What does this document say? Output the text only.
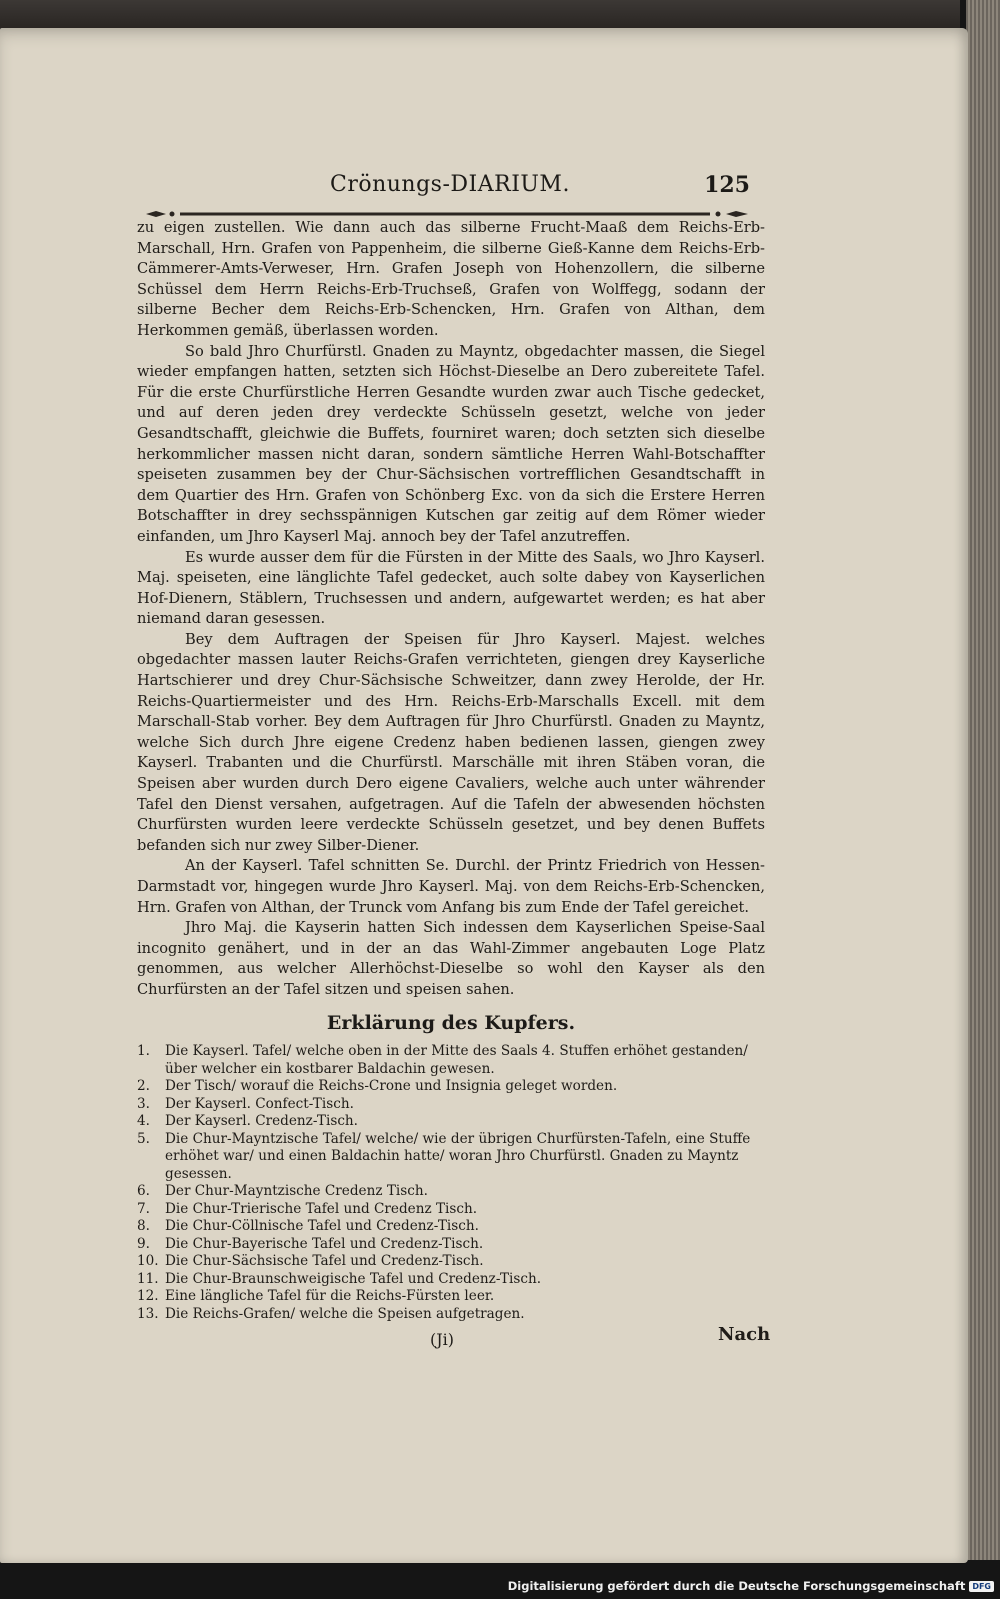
Crönungs-DIARIUM.	125

zu eigen zustellen. Wie dann auch das silberne Frucht-Maaß dem Reichs-Erb-Marschall, Hrn. Grafen von Pappenheim, die silberne Gieß-Kanne dem Reichs-Erb-Cämmerer-Amts-Verweser, Hrn. Grafen Joseph von Hohenzollern, die silberne Schüssel dem Herrn Reichs-Erb-Truchseß, Grafen von Wolffegg, sodann der silberne Becher dem Reichs-Erb-Schencken, Hrn. Grafen von Althan, dem Herkommen gemäß, überlassen worden.

So bald Jhro Churfürstl. Gnaden zu Mayntz, obgedachter massen, die Siegel wieder empfangen hatten, setzten sich Höchst-Dieselbe an Dero zubereitete Tafel. Für die erste Churfürstliche Herren Gesandte wurden zwar auch Tische gedecket, und auf deren jeden drey verdeckte Schüsseln gesetzt, welche von jeder Gesandtschafft, gleichwie die Buffets, fourniret waren; doch setzten sich dieselbe herkommlicher massen nicht daran, sondern sämtliche Herren Wahl-Botschaffter speiseten zusammen bey der Chur-Sächsischen vortrefflichen Gesandtschafft in dem Quartier des Hrn. Grafen von Schönberg Exc. von da sich die Erstere Herren Botschaffter in drey sechsspännigen Kutschen gar zeitig auf dem Römer wieder einfanden, um Jhro Kayserl Maj. annoch bey der Tafel anzutreffen.

Es wurde ausser dem für die Fürsten in der Mitte des Saals, wo Jhro Kayserl. Maj. speiseten, eine länglichte Tafel gedecket, auch solte dabey von Kayserlichen Hof-Dienern, Stäblern, Truchsessen und andern, aufgewartet werden; es hat aber niemand daran gesessen.

Bey dem Auftragen der Speisen für Jhro Kayserl. Majest. welches obgedachter massen lauter Reichs-Grafen verrichteten, giengen drey Kayserliche Hartschierer und drey Chur-Sächsische Schweitzer, dann zwey Herolde, der Hr. Reichs-Quartiermeister und des Hrn. Reichs-Erb-Marschalls Excell. mit dem Marschall-Stab vorher. Bey dem Auftragen für Jhro Churfürstl. Gnaden zu Mayntz, welche Sich durch Jhre eigene Credenz haben bedienen lassen, giengen zwey Kayserl. Trabanten und die Churfürstl. Marschälle mit ihren Stäben voran, die Speisen aber wurden durch Dero eigene Cavaliers, welche auch unter währender Tafel den Dienst versahen, aufgetragen. Auf die Tafeln der abwesenden höchsten Churfürsten wurden leere verdeckte Schüsseln gesetzet, und bey denen Buffets befanden sich nur zwey Silber-Diener.

An der Kayserl. Tafel schnitten Se. Durchl. der Printz Friedrich von Hessen-Darmstadt vor, hingegen wurde Jhro Kayserl. Maj. von dem Reichs-Erb-Schencken, Hrn. Grafen von Althan, der Trunck vom Anfang bis zum Ende der Tafel gereichet.

Jhro Maj. die Kayserin hatten Sich indessen dem Kayserlichen Speise-Saal incognito genähert, und in der an das Wahl-Zimmer angebauten Loge Platz genommen, aus welcher Allerhöchst-Dieselbe so wohl den Kayser als den Churfürsten an der Tafel sitzen und speisen sahen.

Erklärung des Kupfers.
1.	Die Kayserl. Tafel/ welche oben in der Mitte des Saals 4. Stuffen erhöhet gestanden/ über welcher ein kostbarer Baldachin gewesen.
2.	Der Tisch/ worauf die Reichs-Crone und Insignia geleget worden.
3.	Der Kayserl. Confect-Tisch.
4.	Der Kayserl. Credenz-Tisch.
5.	Die Chur-Mayntzische Tafel/ welche/ wie der übrigen Churfürsten-Tafeln, eine Stuffe erhöhet war/ und einen Baldachin hatte/ woran Jhro Churfürstl. Gnaden zu Mayntz gesessen.
6.	Der Chur-Mayntzische Credenz Tisch.
7.	Die Chur-Trierische Tafel und Credenz Tisch.
8.	Die Chur-Cöllnische Tafel und Credenz-Tisch.
9.	Die Chur-Bayerische Tafel und Credenz-Tisch.
10. Die Chur-Sächsische Tafel und Credenz-Tisch.
11. Die Chur-Braunschweigische Tafel und Credenz-Tisch.
12. Eine längliche Tafel für die Reichs-Fürsten leer.
13. Die Reichs-Grafen/ welche die Speisen aufgetragen.
(Ji)	Nach
Digitalisierung gefördert durch die Deutsche Forschungsgemeinschaft DFG
